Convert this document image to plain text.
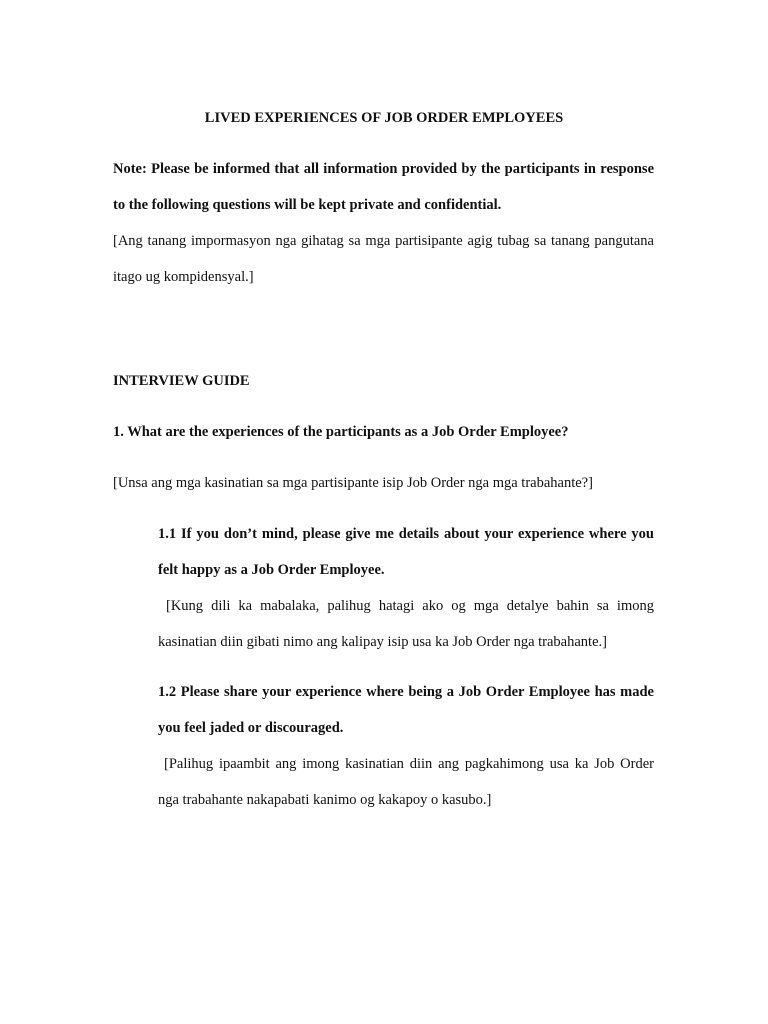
LIVED EXPERIENCES OF JOB ORDER EMPLOYEES
Note: Please be informed that all information provided by the participants in response to the following questions will be kept private and confidential.
[Ang tanang impormasyon nga gihatag sa mga partisipante agig tubag sa tanang pangutana itago ug kompidensyal.]
INTERVIEW GUIDE
1. What are the experiences of the participants as a Job Order Employee?
[Unsa ang mga kasinatian sa mga partisipante isip Job Order nga mga trabahante?]
1.1 If you don’t mind, please give me details about your experience where you felt happy as a Job Order Employee.
[Kung dili ka mabalaka, palihug hatagi ako og mga detalye bahin sa imong kasinatian diin gibati nimo ang kalipay isip usa ka Job Order nga trabahante.]
1.2 Please share your experience where being a Job Order Employee has made you feel jaded or discouraged.
[Palihug ipaambit ang imong kasinatian diin ang pagkahimong usa ka Job Order nga trabahante nakapabati kanimo og kakapoy o kasubo.]
